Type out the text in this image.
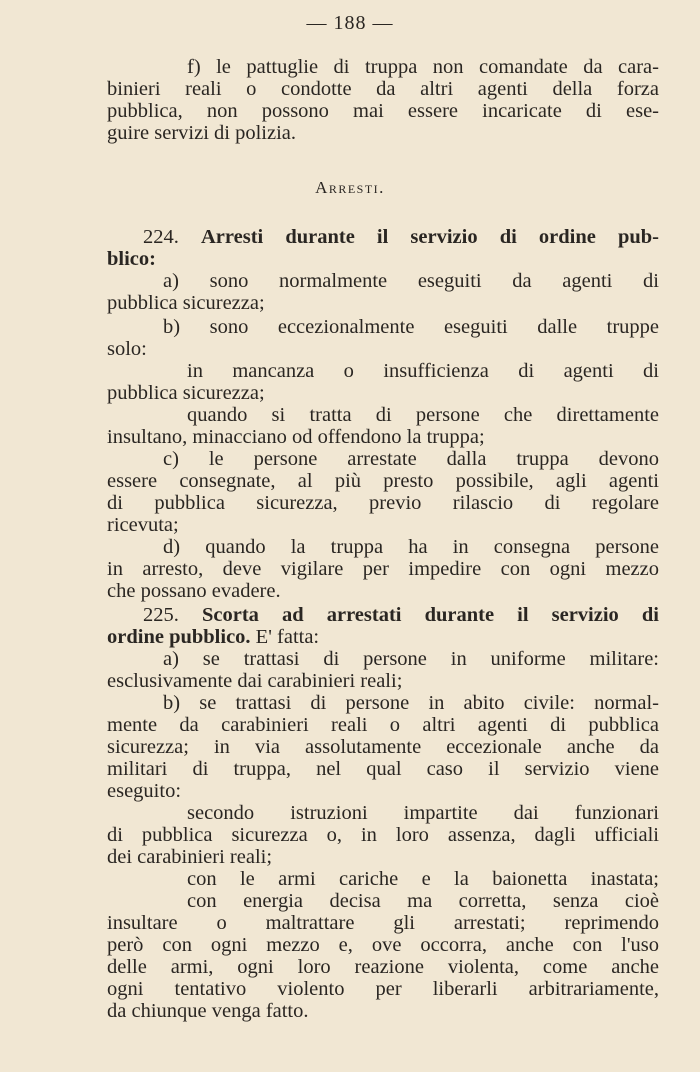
— 188 —
f) le pattuglie di truppa non comandate da cara-
binieri reali o condotte da altri agenti della forza
pubblica, non possono mai essere incaricate di ese-
guire servizi di polizia.
Arresti.
224. Arresti durante il servizio di ordine pub-
blico:
a) sono normalmente eseguiti da agenti di
pubblica sicurezza;
b) sono eccezionalmente eseguiti dalle truppe
solo:
in mancanza o insufficienza di agenti di
pubblica sicurezza;
quando si tratta di persone che direttamente
insultano, minacciano od offendono la truppa;
c) le persone arrestate dalla truppa devono
essere consegnate, al più presto possibile, agli agenti
di pubblica sicurezza, previo rilascio di regolare
ricevuta;
d) quando la truppa ha in consegna persone
in arresto, deve vigilare per impedire con ogni mezzo
che possano evadere.
225. Scorta ad arrestati durante il servizio di
ordine pubblico. E' fatta:
a) se trattasi di persone in uniforme militare:
esclusivamente dai carabinieri reali;
b) se trattasi di persone in abito civile: normal-
mente da carabinieri reali o altri agenti di pubblica
sicurezza; in via assolutamente eccezionale anche da
militari di truppa, nel qual caso il servizio viene
eseguito:
secondo istruzioni impartite dai funzionari
di pubblica sicurezza o, in loro assenza, dagli ufficiali
dei carabinieri reali;
con le armi cariche e la baionetta inastata;
con energia decisa ma corretta, senza cioè
insultare o maltrattare gli arrestati; reprimendo
però con ogni mezzo e, ove occorra, anche con l'uso
delle armi, ogni loro reazione violenta, come anche
ogni tentativo violento per liberarli arbitrariamente,
da chiunque venga fatto.
